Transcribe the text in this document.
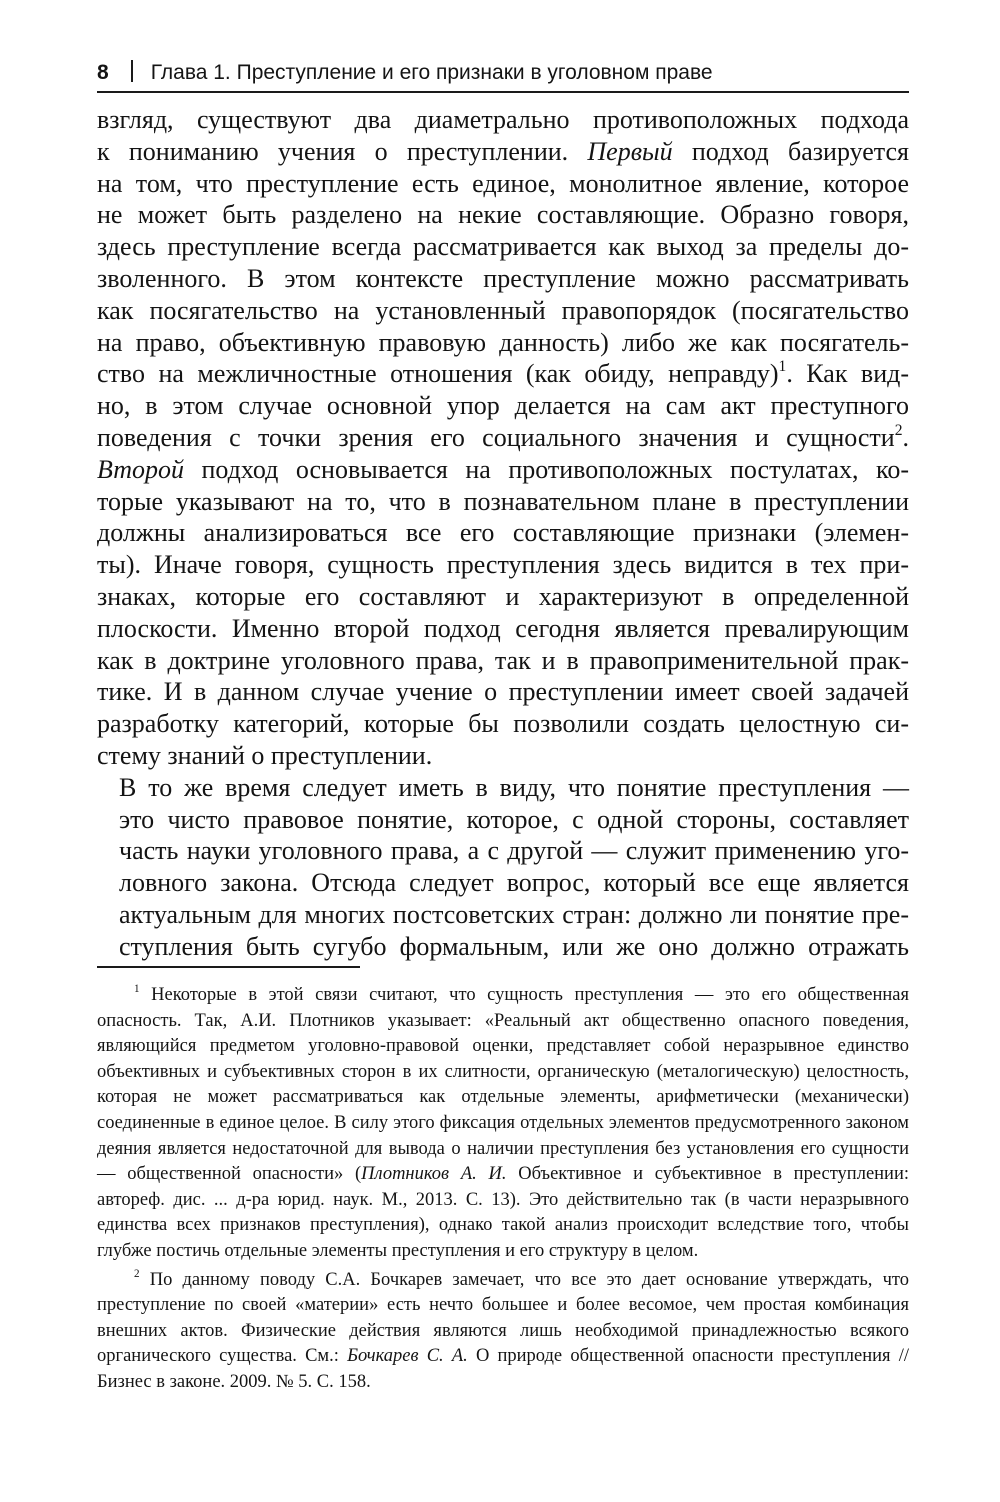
8 Глава 1. Преступление и его признаки в уголовном праве

взгляд, существуют два диаметрально противоположных подхода
к пониманию учения о преступлении. Первый подход базируется
на том, что преступление есть единое, монолитное явление, которое
не может быть разделено на некие составляющие. Образно говоря,
здесь преступление всегда рассматривается как выход за пределы до-
зволенного. В этом контексте преступление можно рассматривать
как посягательство на установленный правопорядок (посягательство
на право, объективную правовую данность) либо же как посягатель-
ство на межличностные отношения (как обиду, неправду)$^1$. Как вид-
но, в этом случае основной упор делается на сам акт преступного
поведения с точки зрения его социального значения и сущности$^2$.
Второй подход основывается на противоположных постулатах, ко-
торые указывают на то, что в познавательном плане в преступлении
должны анализироваться все его составляющие признаки (элемен-
ты). Иначе говоря, сущность преступления здесь видится в тех при-
знаках, которые его составляют и характеризуют в определенной
плоскости. Именно второй подход сегодня является превалирующим
как в доктрине уголовного права, так и в правоприменительной прак-
тике. И в данном случае учение о преступлении имеет своей задачей
разработку категорий, которые бы позволили создать целостную си-
стему знаний о преступлении.

В то же время следует иметь в виду, что понятие преступления —
это чисто правовое понятие, которое, с одной стороны, составляет
часть науки уголовного права, а с другой — служит применению уго-
ловного закона. Отсюда следует вопрос, который все еще является
актуальным для многих постсоветских стран: должно ли понятие пре-
ступления быть сугубо формальным, или же оно должно отражать

$^1$ Некоторые в этой связи считают, что сущность преступления — это его общественная опасность. Так, А.И. Плотников указывает: «Реальный акт общественно опасного поведения, являющийся предметом уголовно-правовой оценки, представляет собой неразрывное единство объективных и субъективных сторон в их слитности, органическую (металогическую) целостность, которая не может рассматриваться как отдельные элементы, арифметически (механически) соединенные в единое целое. В силу этого фиксация отдельных элементов предусмотренного законом деяния является недостаточной для вывода о наличии преступления без установления его сущности — общественной опасности» (Плотников А. И. Объективное и субъективное в преступлении: автореф. дис. ... д-ра юрид. наук. М., 2013. С. 13). Это действительно так (в части неразрывного единства всех признаков преступления), однако такой анализ происходит вследствие того, чтобы глубже постичь отдельные элементы преступления и его структуру в целом.

$^2$ По данному поводу С.А. Бочкарев замечает, что все это дает основание утверждать, что преступление по своей «материи» есть нечто большее и более весомое, чем простая комбинация внешних актов. Физические действия являются лишь необходимой принадлежностью всякого органического существа. См.: Бочкарев С. А. О природе общественной опасности преступления // Бизнес в законе. 2009. № 5. С. 158.
